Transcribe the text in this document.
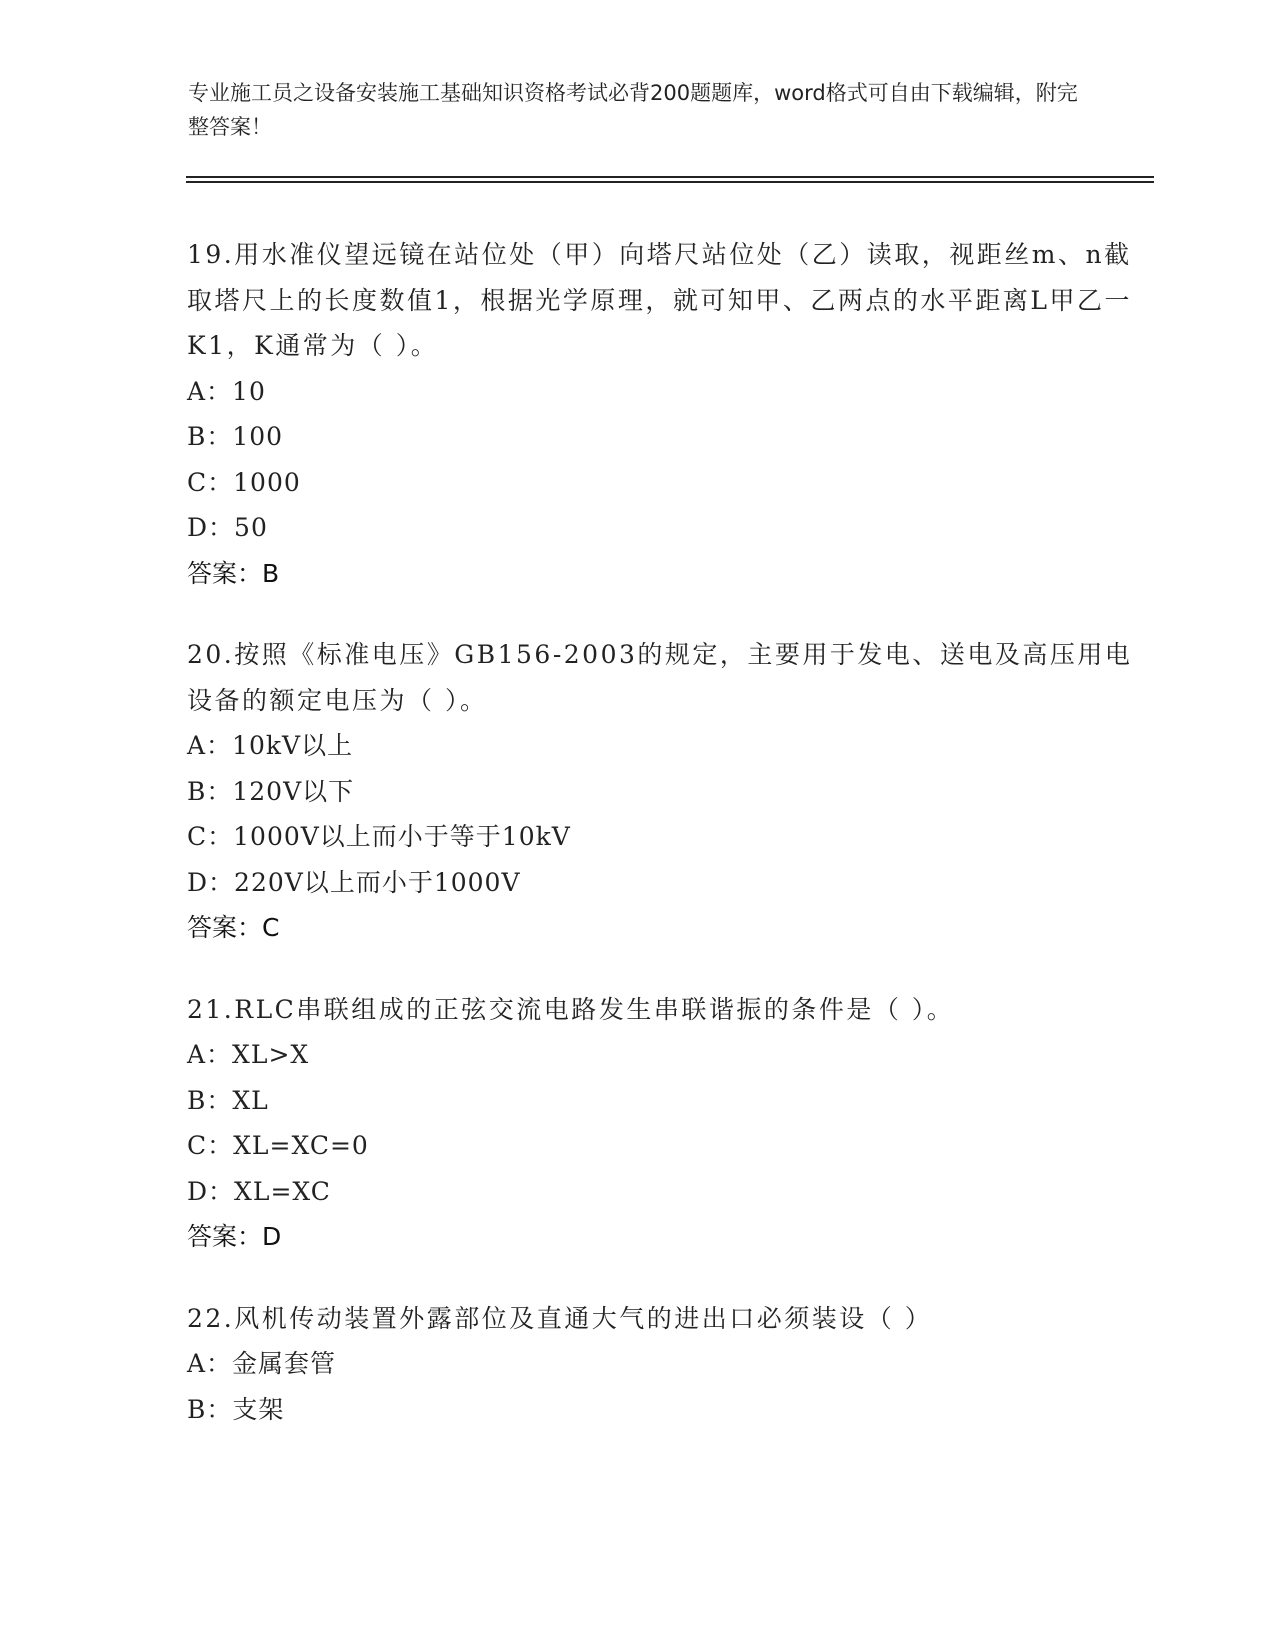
专业施工员之设备安装施工基础知识资格考试必背200题题库，word格式可自由下载编辑，附完整答案！

19.用水准仪望远镜在站位处（甲）向塔尺站位处（乙）读取，视距丝m、n截取塔尺上的长度数值1，根据光学原理，就可知甲、乙两点的水平距离L甲乙一K1，K通常为（ ）。

A：10

B：100

C：1000

D：50

答案：B

20.按照《标准电压》GB156-2003的规定，主要用于发电、送电及高压用电设备的额定电压为（ ）。

A：10kV以上

B：120V以下

C：1000V以上而小于等于10kV

D：220V以上而小于1000V

答案：C

21.RLC串联组成的正弦交流电路发生串联谐振的条件是（ ）。

A：XL>X

B：XL

C：XL=XC=0

D：XL=XC

答案：D

22.风机传动装置外露部位及直通大气的进出口必须装设（ ）

A：金属套管

B：支架
